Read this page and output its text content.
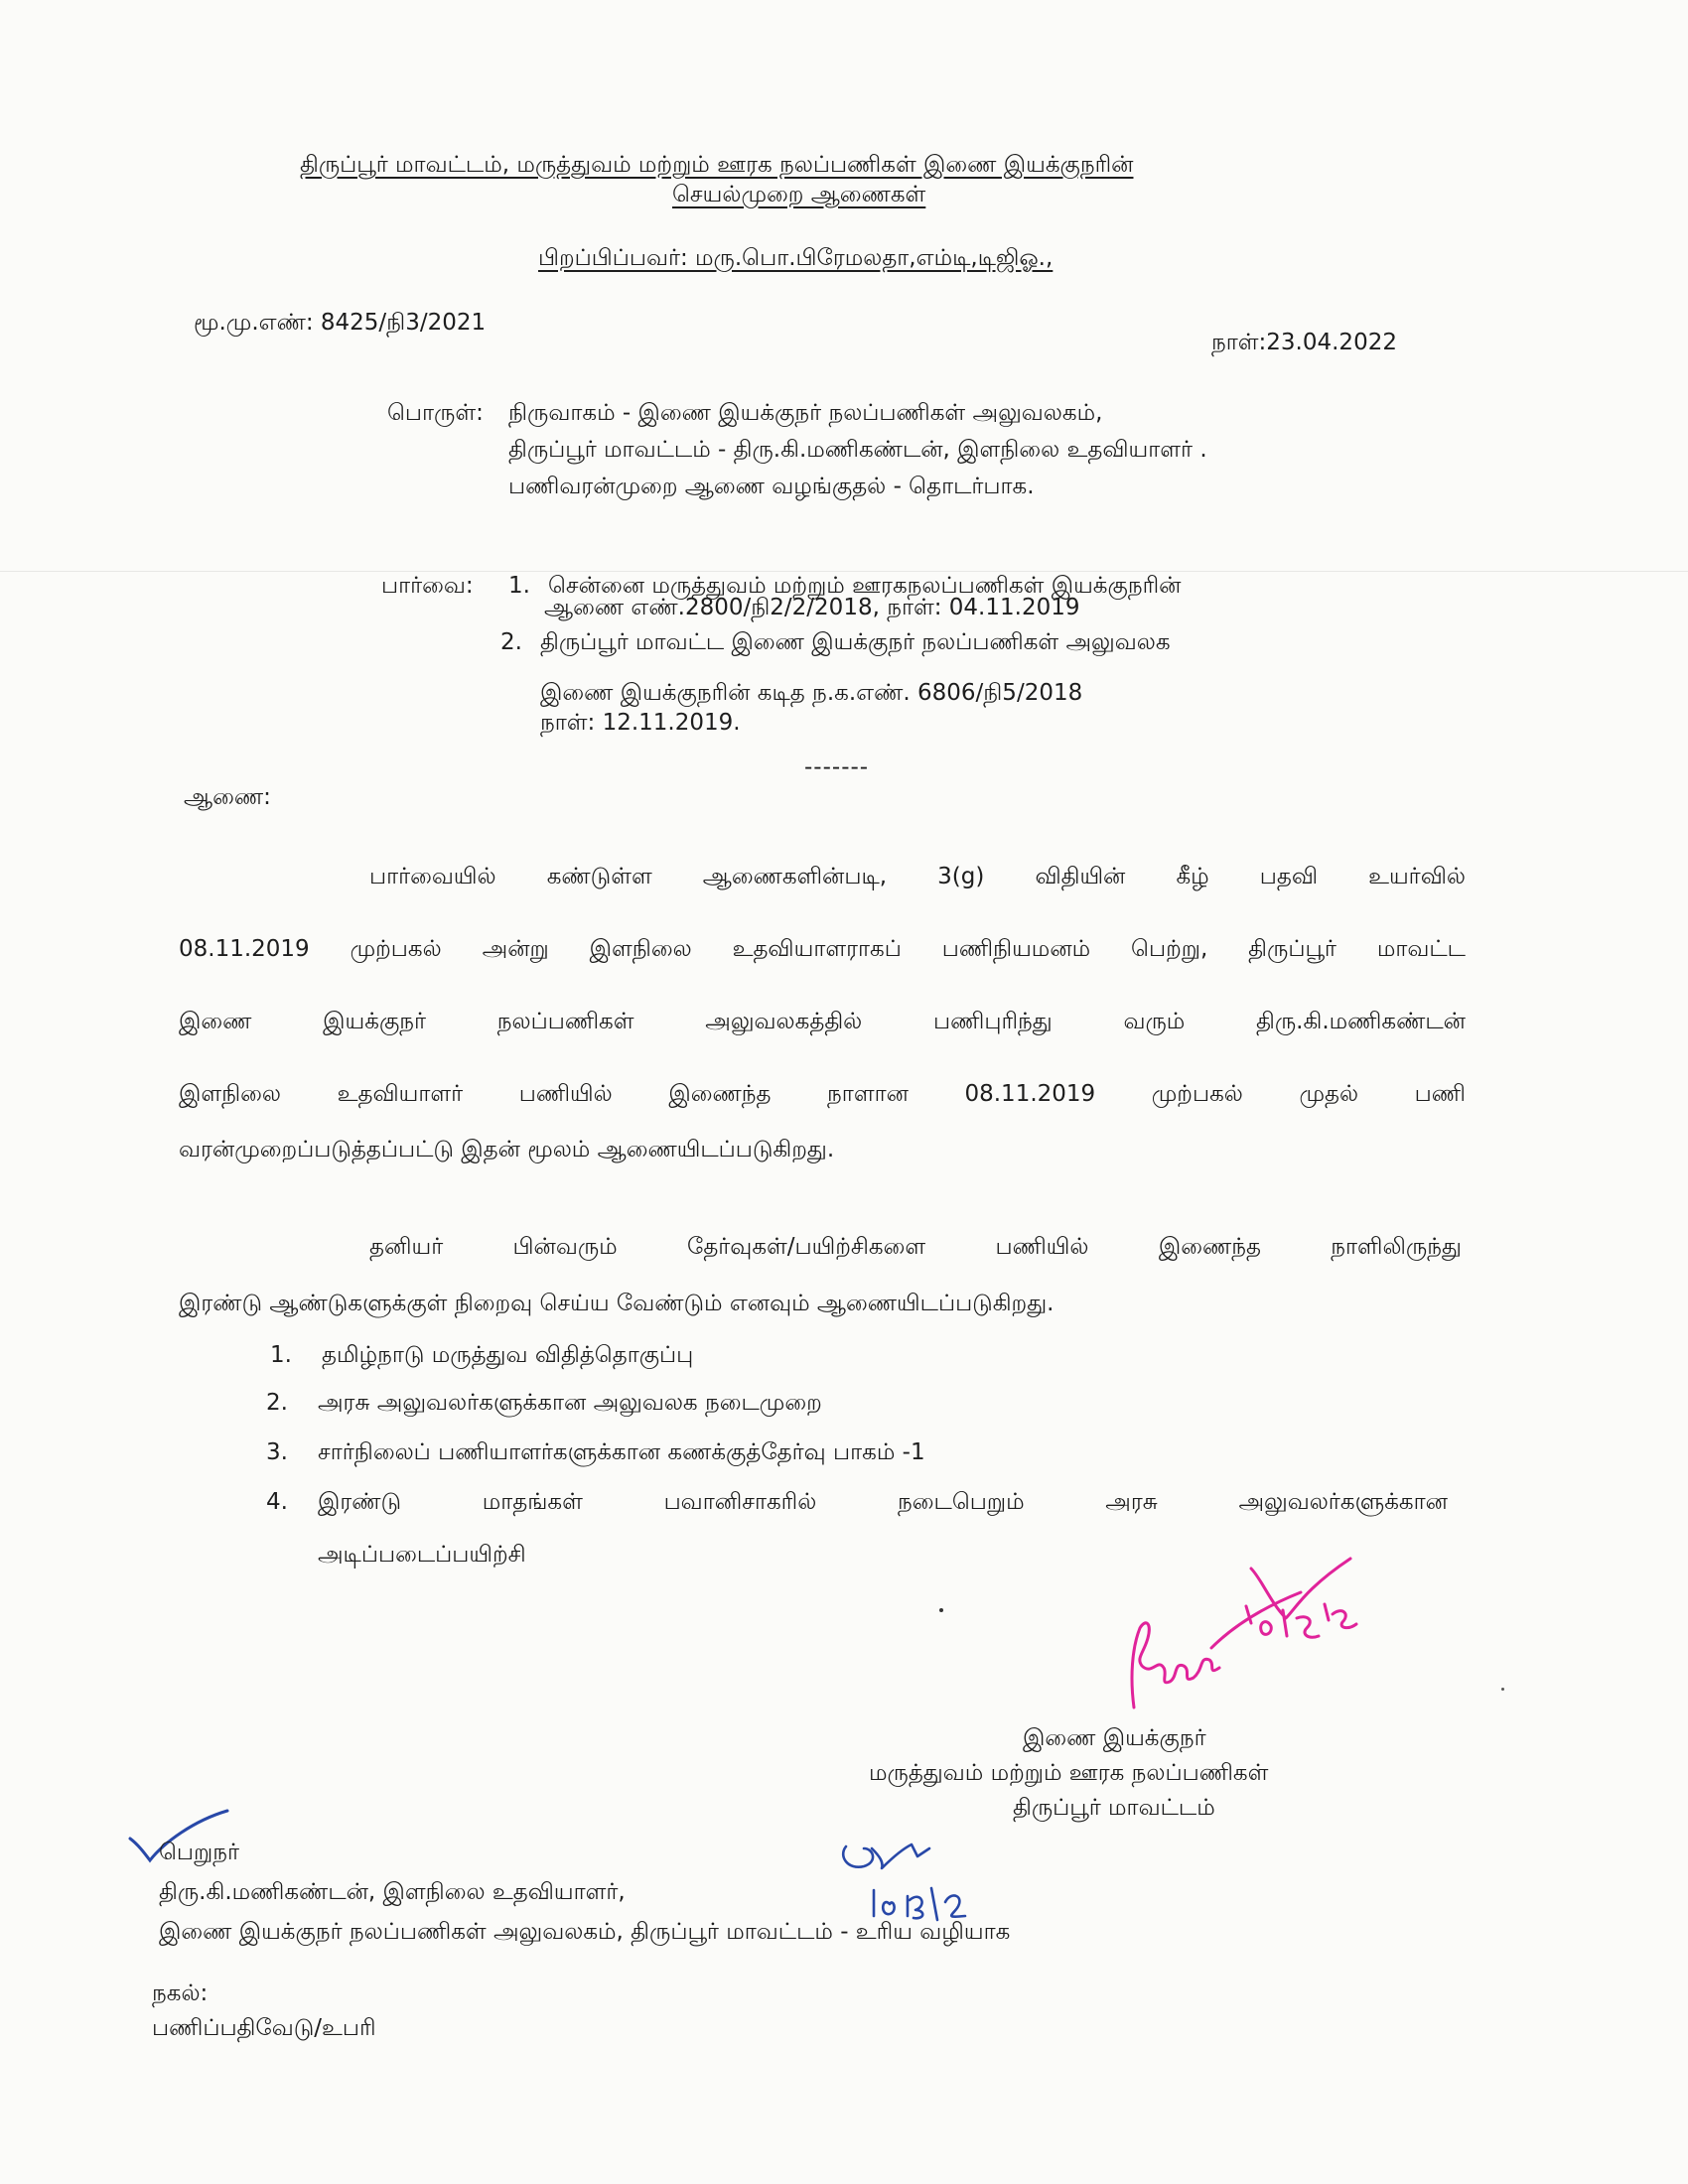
திருப்பூர் மாவட்டம், மருத்துவம் மற்றும் ஊரக நலப்பணிகள் இணை இயக்குநரின்
செயல்முறை ஆணைகள்
பிறப்பிப்பவர்: மரு.பொ.பிரேமலதா,எம்டி,டிஜிஓ.,
மூ.மு.எண்: 8425/நி3/2021
நாள்:23.04.2022
பொருள்: நிருவாகம் - இணை இயக்குநர் நலப்பணிகள் அலுவலகம்,
திருப்பூர் மாவட்டம் - திரு.கி.மணிகண்டன், இளநிலை உதவியாளர் .
பணிவரன்முறை ஆணை வழங்குதல் - தொடர்பாக.
பார்வை: 1. சென்னை மருத்துவம் மற்றும் ஊரகநலப்பணிகள் இயக்குநரின்
ஆணை எண்.2800/நி2/2/2018, நாள்: 04.11.2019
2. திருப்பூர் மாவட்ட இணை இயக்குநர் நலப்பணிகள் அலுவலக
இணை இயக்குநரின் கடித ந.க.எண். 6806/நி5/2018
நாள்: 12.11.2019.
-------
ஆணை:
பார்வையில் கண்டுள்ள ஆணைகளின்படி, 3(g) விதியின் கீழ் பதவி உயர்வில்
08.11.2019 முற்பகல் அன்று இளநிலை உதவியாளராகப் பணிநியமனம் பெற்று, திருப்பூர் மாவட்ட
இணை	இயக்குநர்	நலப்பணிகள்	அலுவலகத்தில்	பணிபுரிந்து	வரும்	திரு.கி.மணிகண்டன்
இளநிலை உதவியாளர் பணியில் இணைந்த நாளான 08.11.2019 முற்பகல் முதல் பணி
வரன்முறைப்படுத்தப்பட்டு இதன் மூலம் ஆணையிடப்படுகிறது.
தனியர்	பின்வரும்	தேர்வுகள்/பயிற்சிகளை	பணியில்	இணைந்த	நாளிலிருந்து
இரண்டு ஆண்டுகளுக்குள் நிறைவு செய்ய வேண்டும் எனவும் ஆணையிடப்படுகிறது.
1. தமிழ்நாடு மருத்துவ விதித்தொகுப்பு
2. அரசு அலுவலர்களுக்கான அலுவலக நடைமுறை
3. சார்நிலைப் பணியாளர்களுக்கான கணக்குத்தேர்வு பாகம் -1
4.	இரண்டு	மாதங்கள்	பவானிசாகரில்	நடைபெறும்	அரசு	அலுவலர்களுக்கான
அடிப்படைப்பயிற்சி
இணை இயக்குநர்
மருத்துவம் மற்றும் ஊரக நலப்பணிகள்
திருப்பூர் மாவட்டம்
பெறுநர்
திரு.கி.மணிகண்டன், இளநிலை உதவியாளர்,
இணை இயக்குநர் நலப்பணிகள் அலுவலகம், திருப்பூர் மாவட்டம் - உரிய வழியாக
நகல்:
பணிப்பதிவேடு/உபரி
